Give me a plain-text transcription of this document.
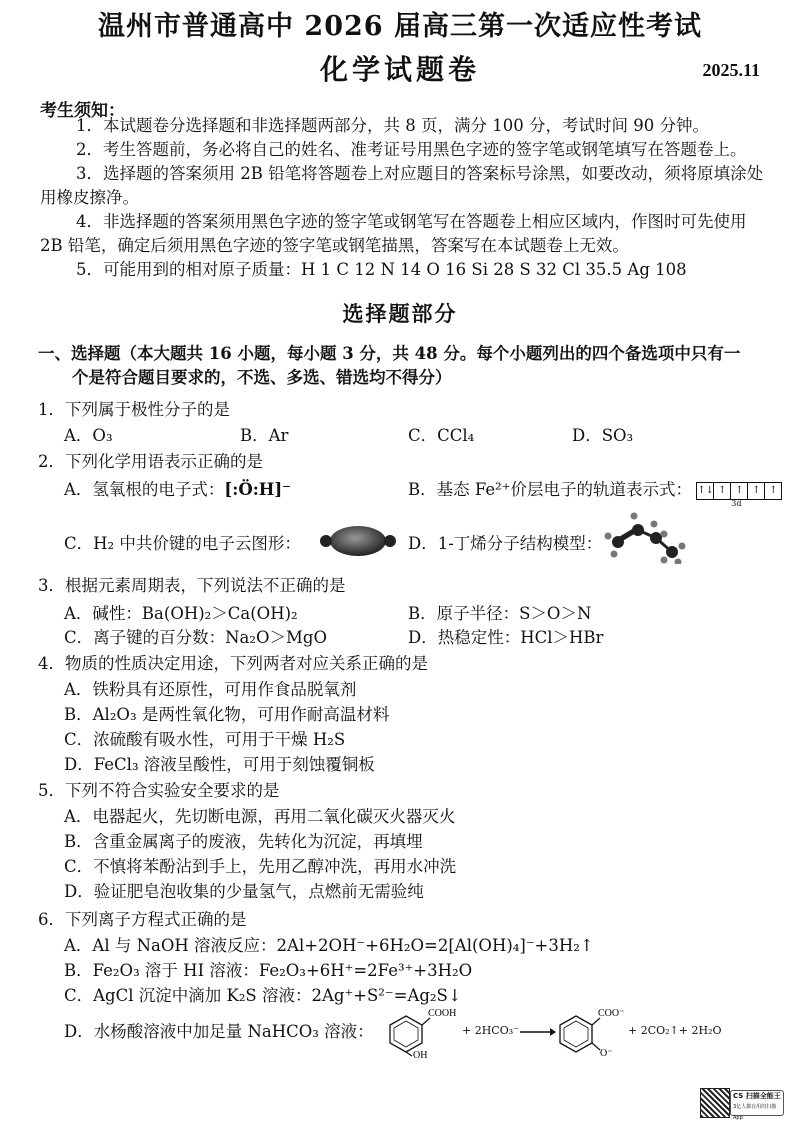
温州市普通高中 2026 届高三第一次适应性考试
化学试题卷	2025.11
考生须知：
1．本试题卷分选择题和非选择题两部分，共 8 页，满分 100 分，考试时间 90 分钟。
2．考生答题前，务必将自己的姓名、准考证号用黑色字迹的签字笔或钢笔填写在答题卷上。
3．选择题的答案须用 2B 铅笔将答题卷上对应题目的答案标号涂黑，如要改动，须将原填涂处
用橡皮擦净。
4．非选择题的答案须用黑色字迹的签字笔或钢笔写在答题卷上相应区域内，作图时可先使用
2B 铅笔，确定后须用黑色字迹的签字笔或钢笔描黑，答案写在本试题卷上无效。
5．可能用到的相对原子质量：H 1 C 12 N 14 O 16 Si 28 S 32 Cl 35.5 Ag 108
选择题部分
一、选择题（本大题共 16 小题，每小题 3 分，共 48 分。每个小题列出的四个备选项中只有一
个是符合题目要求的，不选、多选、错选均不得分）
1．下列属于极性分子的是
A．O₃	B．Ar	C．CCl₄	D．SO₃
2．下列化学用语表示正确的是
A．氢氧根的电子式：[:Ö:H]⁻	B．基态 Fe²⁺价层电子的轨道表示式： ↑↓ ↑ ↑ ↑ ↑
3d
C．H₂ 中共价键的电子云图形：	D．1-丁烯分子结构模型：
3．根据元素周期表，下列说法不正确的是
A．碱性：Ba(OH)₂＞Ca(OH)₂	B．原子半径：S＞O＞N
C．离子键的百分数：Na₂O＞MgO	D．热稳定性：HCl＞HBr
4．物质的性质决定用途，下列两者对应关系正确的是
A．铁粉具有还原性，可用作食品脱氧剂
B．Al₂O₃ 是两性氧化物，可用作耐高温材料
C．浓硫酸有吸水性，可用于干燥 H₂S
D．FeCl₃ 溶液呈酸性，可用于刻蚀覆铜板
5．下列不符合实验安全要求的是
A．电器起火，先切断电源，再用二氧化碳灭火器灭火
B．含重金属离子的废液，先转化为沉淀，再填埋
C．不慎将苯酚沾到手上，先用乙醇冲洗，再用水冲洗
D．验证肥皂泡收集的少量氢气，点燃前无需验纯
6．下列离子方程式正确的是
A．Al 与 NaOH 溶液反应：2Al+2OH⁻+6H₂O=2[Al(OH)₄]⁻+3H₂↑
B．Fe₂O₃ 溶于 HI 溶液：Fe₂O₃+6H⁺=2Fe³⁺+3H₂O
C．AgCl 沉淀中滴加 K₂S 溶液：2Ag⁺+S²⁻=Ag₂S↓
D．水杨酸溶液中加足量 NaHCO₃ 溶液：
COOH
OH
+ 2HCO₃⁻ →
COO⁻
O⁻
+ 2CO₂↑+ 2H₂O
CS 扫描全能王
3亿人都在用的扫描App
